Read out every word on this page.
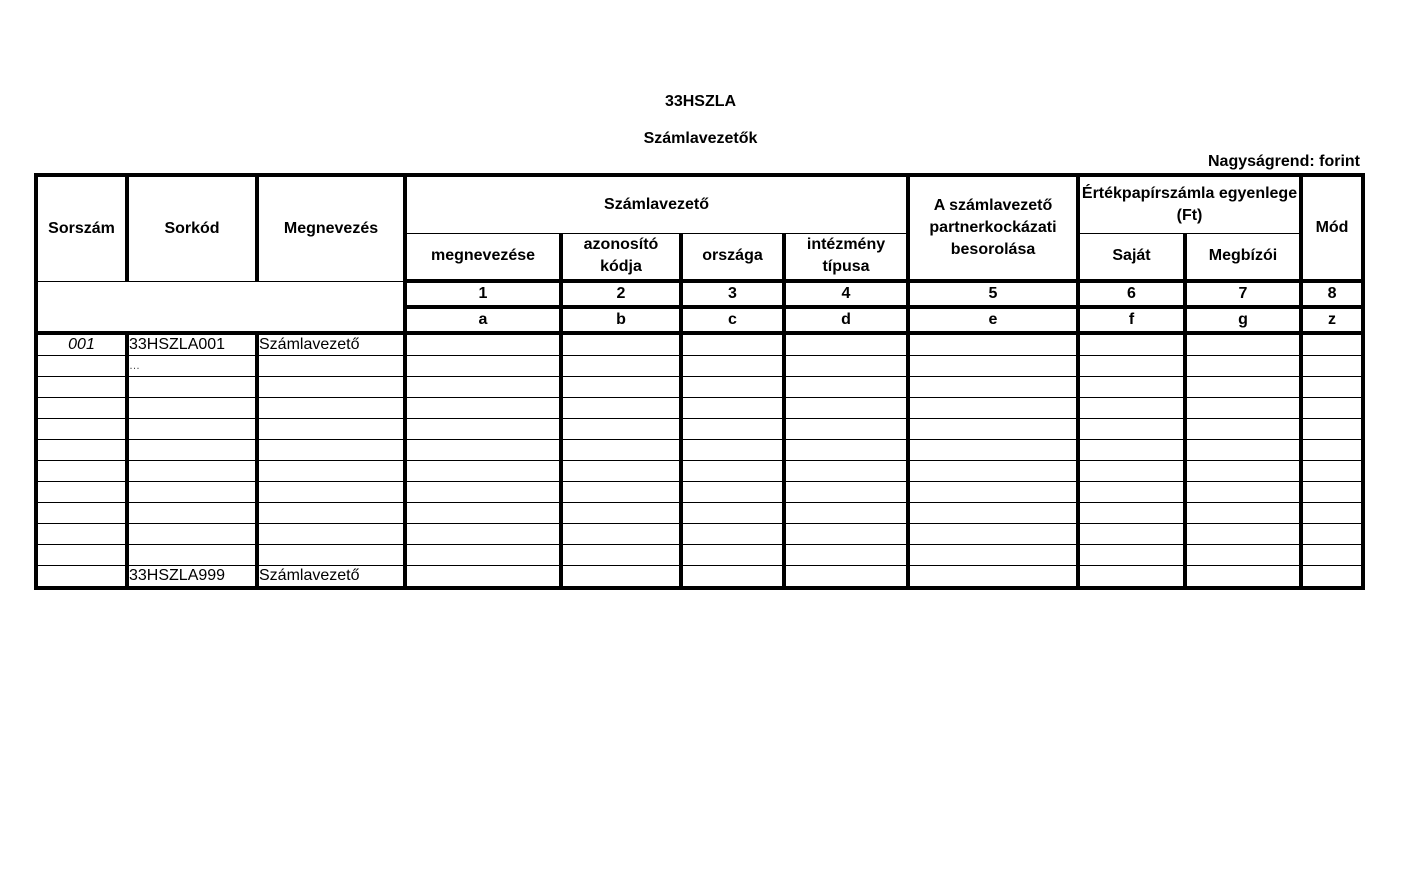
33HSZLA
Számlavezetők
Nagyságrend: forint
Sorszám	Sorkód	Megnevezés	Számlavezető				A számlavezető partnerkockázati besorolása	Értékpapírszámla egyenlege (Ft)		Mód
			megnevezése	azonosító kódja	országa	intézmény típusa		Saját	Megbízói	
			1	2	3	4	5	6	7	8
			a	b	c	d	e	f	g	z
001	33HSZLA001	Számlavezető								
	…									

	33HSZLA999	Számlavezető								
